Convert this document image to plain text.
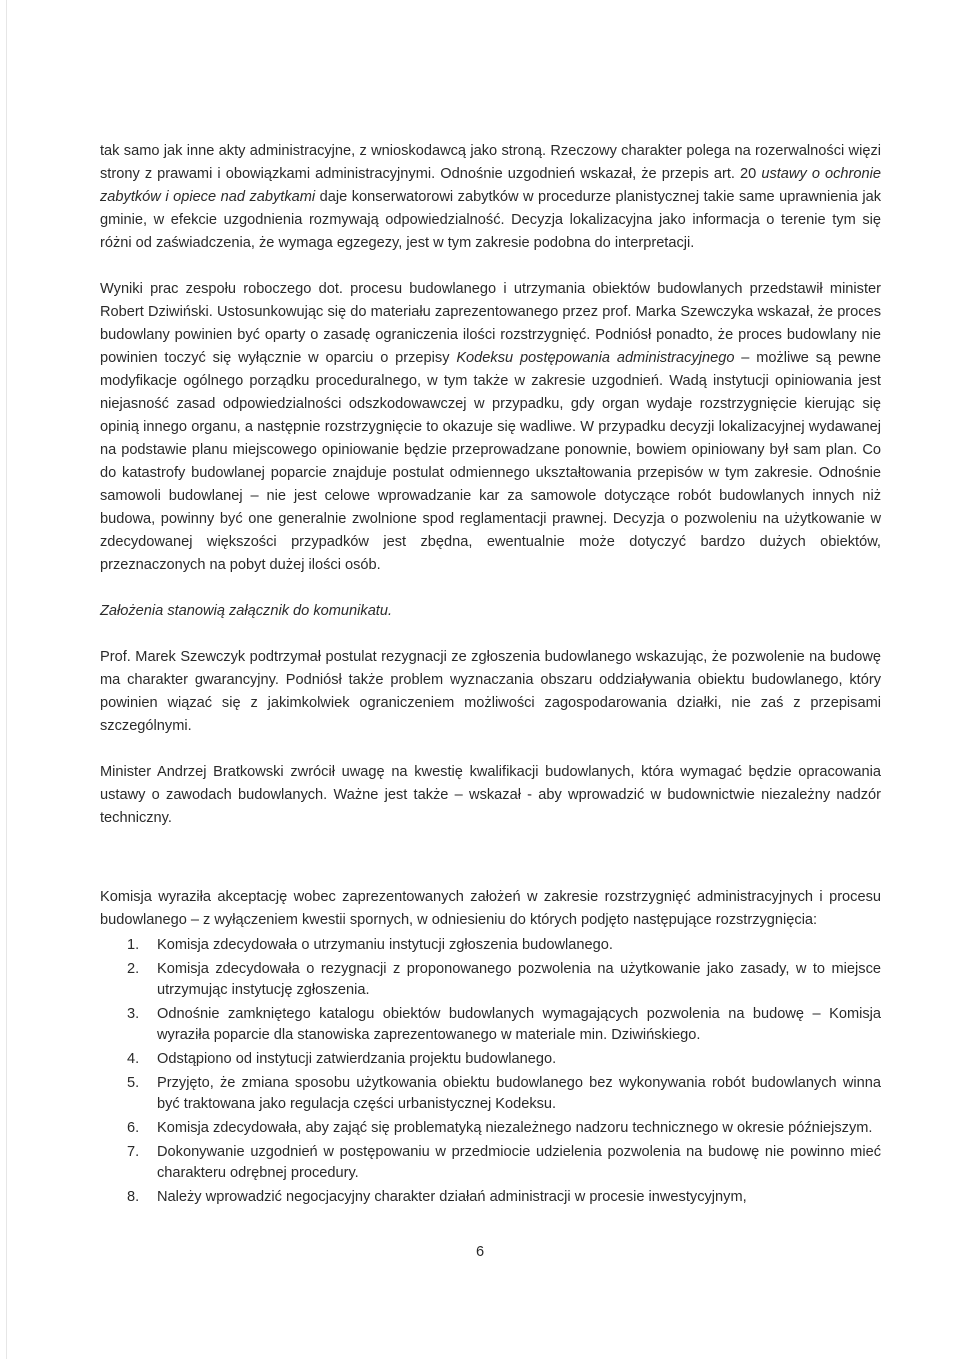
tak samo jak inne akty administracyjne, z wnioskodawcą jako stroną. Rzeczowy charakter polega na rozerwalności więzi strony z prawami i obowiązkami administracyjnymi. Odnośnie uzgodnień wskazał, że przepis art. 20 ustawy o ochronie zabytków i opiece nad zabytkami daje konserwatorowi zabytków w procedurze planistycznej takie same uprawnienia jak gminie, w efekcie uzgodnienia rozmywają odpowiedzialność. Decyzja lokalizacyjna jako informacja o terenie tym się różni od zaświadczenia, że wymaga egzegezy, jest w tym zakresie podobna do interpretacji.

Wyniki prac zespołu roboczego dot. procesu budowlanego i utrzymania obiektów budowlanych przedstawił minister Robert Dziwiński. Ustosunkowując się do materiału zaprezentowanego przez prof. Marka Szewczyka wskazał, że proces budowlany powinien być oparty o zasadę ograniczenia ilości rozstrzygnięć. Podniósł ponadto, że proces budowlany nie powinien toczyć się wyłącznie w oparciu o przepisy Kodeksu postępowania administracyjnego – możliwe są pewne modyfikacje ogólnego porządku proceduralnego, w tym także w zakresie uzgodnień. Wadą instytucji opiniowania jest niejasność zasad odpowiedzialności odszkodowawczej w przypadku, gdy organ wydaje rozstrzygnięcie kierując się opinią innego organu, a następnie rozstrzygnięcie to okazuje się wadliwe. W przypadku decyzji lokalizacyjnej wydawanej na podstawie planu miejscowego opiniowanie będzie przeprowadzane ponownie, bowiem opiniowany był sam plan. Co do katastrofy budowlanej poparcie znajduje postulat odmiennego ukształtowania przepisów w tym zakresie. Odnośnie samowoli budowlanej – nie jest celowe wprowadzanie kar za samowole dotyczące robót budowlanych innych niż budowa, powinny być one generalnie zwolnione spod reglamentacji prawnej. Decyzja o pozwoleniu na użytkowanie w zdecydowanej większości przypadków jest zbędna, ewentualnie może dotyczyć bardzo dużych obiektów, przeznaczonych na pobyt dużej ilości osób.

Założenia stanowią załącznik do komunikatu.

Prof. Marek Szewczyk podtrzymał postulat rezygnacji ze zgłoszenia budowlanego wskazując, że pozwolenie na budowę ma charakter gwarancyjny. Podniósł także problem wyznaczania obszaru oddziaływania obiektu budowlanego, który powinien wiązać się z jakimkolwiek ograniczeniem możliwości zagospodarowania działki, nie zaś z przepisami szczególnymi.

Minister Andrzej Bratkowski zwrócił uwagę na kwestię kwalifikacji budowlanych, która wymagać będzie opracowania ustawy o zawodach budowlanych. Ważne jest także – wskazał - aby wprowadzić w budownictwie niezależny nadzór techniczny.

Komisja wyraziła akceptację wobec zaprezentowanych założeń w zakresie rozstrzygnięć administracyjnych i procesu budowlanego – z wyłączeniem kwestii spornych, w odniesieniu do których podjęto następujące rozstrzygnięcia:

1. Komisja zdecydowała o utrzymaniu instytucji zgłoszenia budowlanego.
2. Komisja zdecydowała o rezygnacji z proponowanego pozwolenia na użytkowanie jako zasady, w to miejsce utrzymując instytucję zgłoszenia.
3. Odnośnie zamkniętego katalogu obiektów budowlanych wymagających pozwolenia na budowę – Komisja wyraziła poparcie dla stanowiska zaprezentowanego w materiale min. Dziwińskiego.
4. Odstąpiono od instytucji zatwierdzania projektu budowlanego.
5. Przyjęto, że zmiana sposobu użytkowania obiektu budowlanego bez wykonywania robót budowlanych winna być traktowana jako regulacja części urbanistycznej Kodeksu.
6. Komisja zdecydowała, aby zająć się problematyką niezależnego nadzoru technicznego w okresie późniejszym.
7. Dokonywanie uzgodnień w postępowaniu w przedmiocie udzielenia pozwolenia na budowę nie powinno mieć charakteru odrębnej procedury.
8. Należy wprowadzić negocjacyjny charakter działań administracji w procesie inwestycyjnym,
6
